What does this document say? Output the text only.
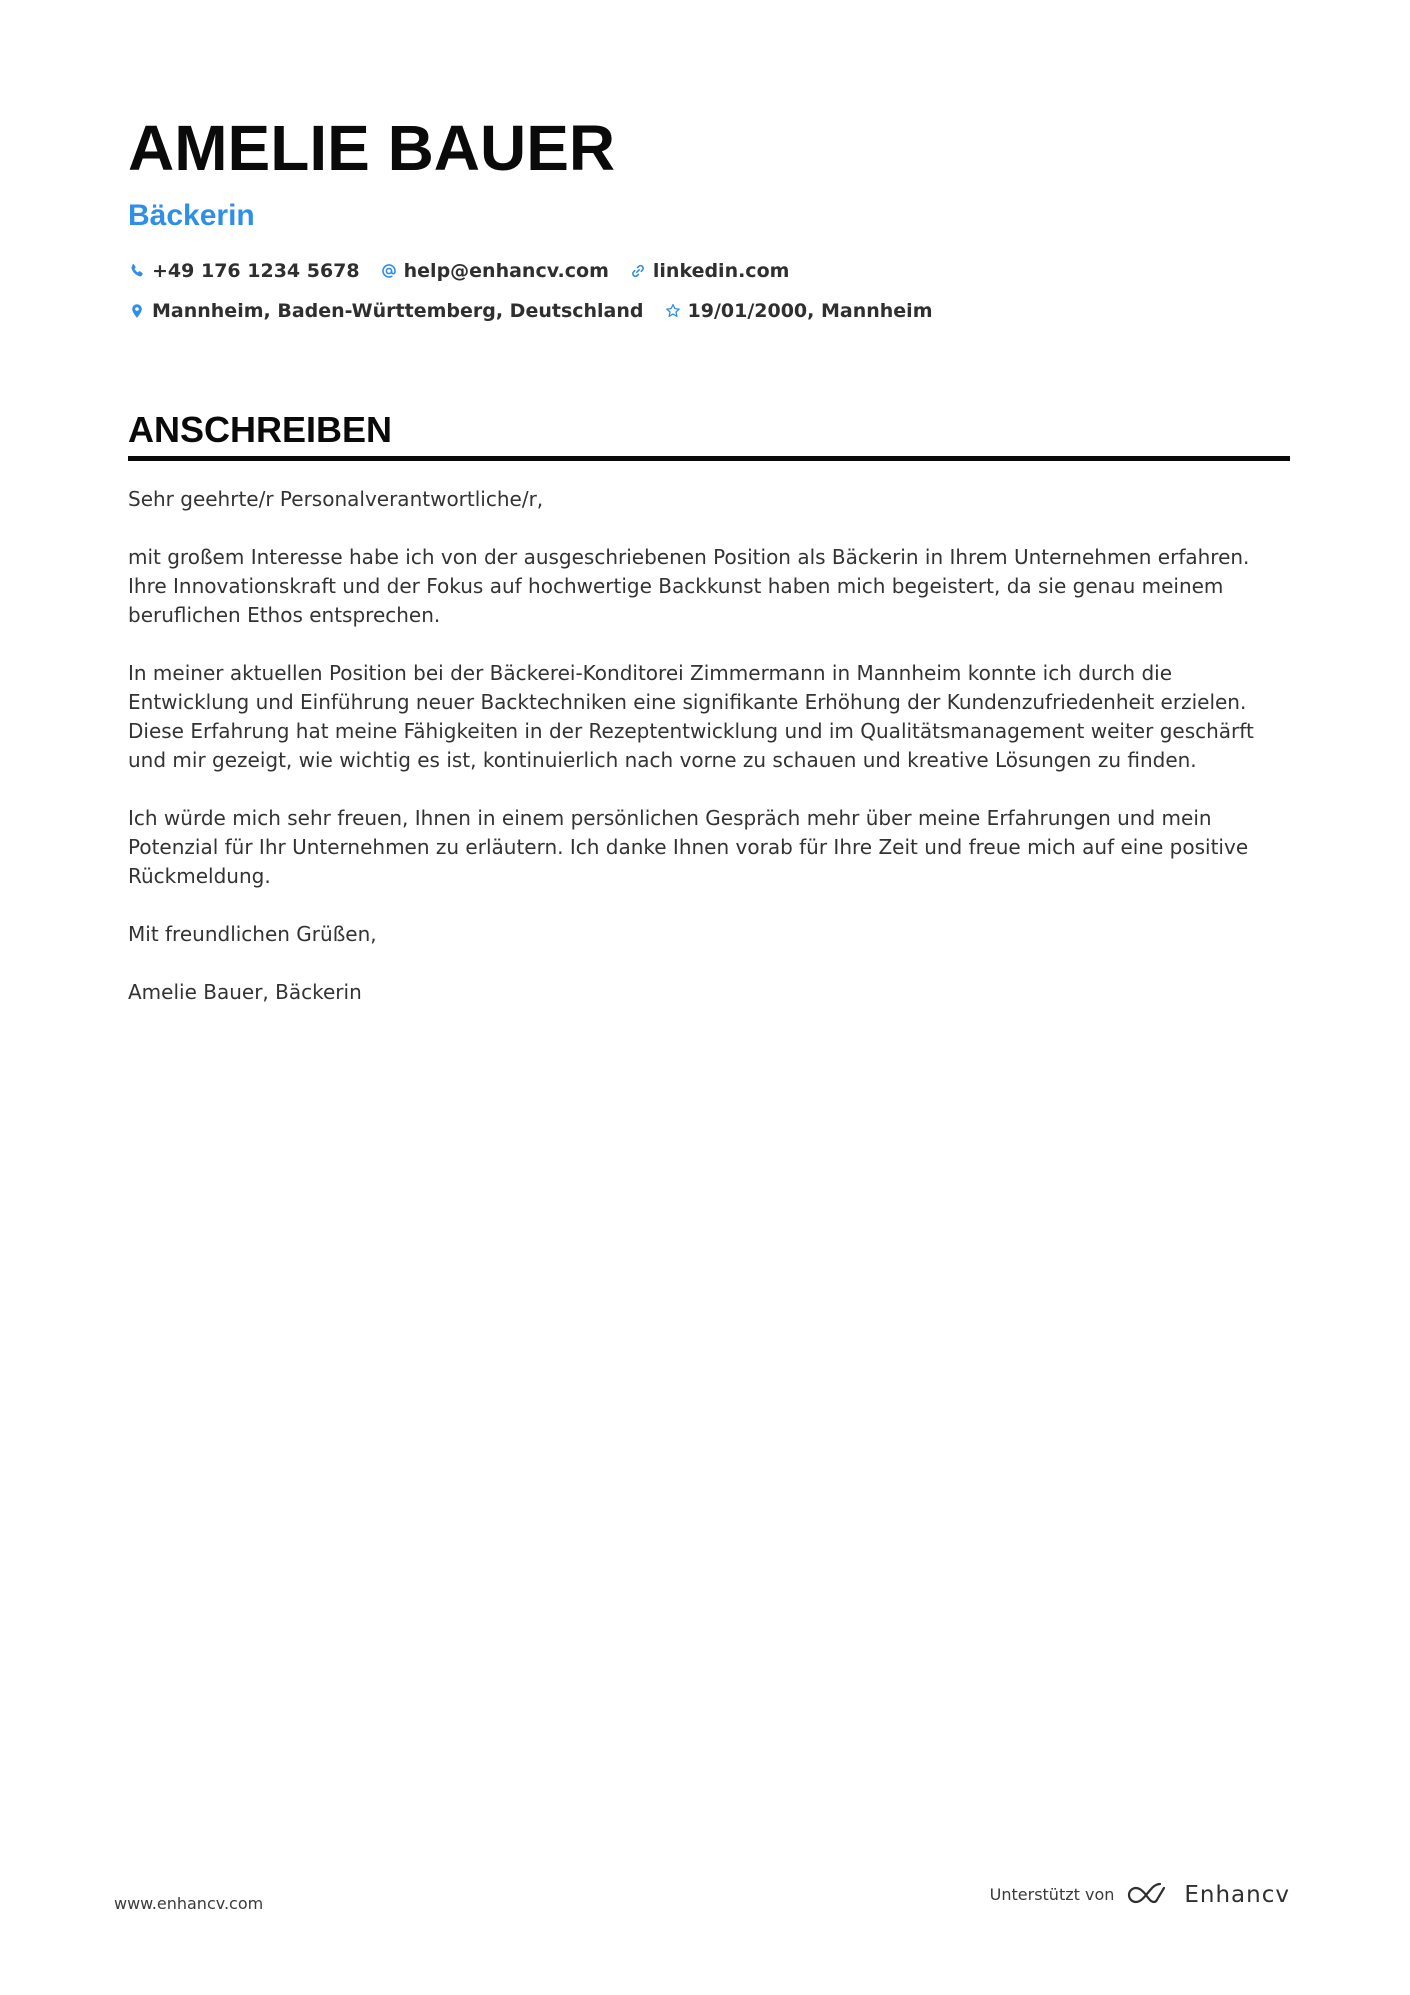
AMELIE BAUER
Bäckerin
+49 176 1234 5678 help@enhancv.com linkedin.com
Mannheim, Baden-Württemberg, Deutschland 19/01/2000, Mannheim
ANSCHREIBEN

Sehr geehrte/r Personalverantwortliche/r,

mit großem Interesse habe ich von der ausgeschriebenen Position als Bäckerin in Ihrem Unternehmen erfahren. Ihre Innovationskraft und der Fokus auf hochwertige Backkunst haben mich begeistert, da sie genau meinem beruflichen Ethos entsprechen.

In meiner aktuellen Position bei der Bäckerei-Konditorei Zimmermann in Mannheim konnte ich durch die Entwicklung und Einführung neuer Backtechniken eine signifikante Erhöhung der Kundenzufriedenheit erzielen. Diese Erfahrung hat meine Fähigkeiten in der Rezeptentwicklung und im Qualitätsmanagement weiter geschärft und mir gezeigt, wie wichtig es ist, kontinuierlich nach vorne zu schauen und kreative Lösungen zu finden.

Ich würde mich sehr freuen, Ihnen in einem persönlichen Gespräch mehr über meine Erfahrungen und mein Potenzial für Ihr Unternehmen zu erläutern. Ich danke Ihnen vorab für Ihre Zeit und freue mich auf eine positive Rückmeldung.

Mit freundlichen Grüßen,

Amelie Bauer, Bäckerin

www.enhancv.com	Unterstützt von	Enhancv
